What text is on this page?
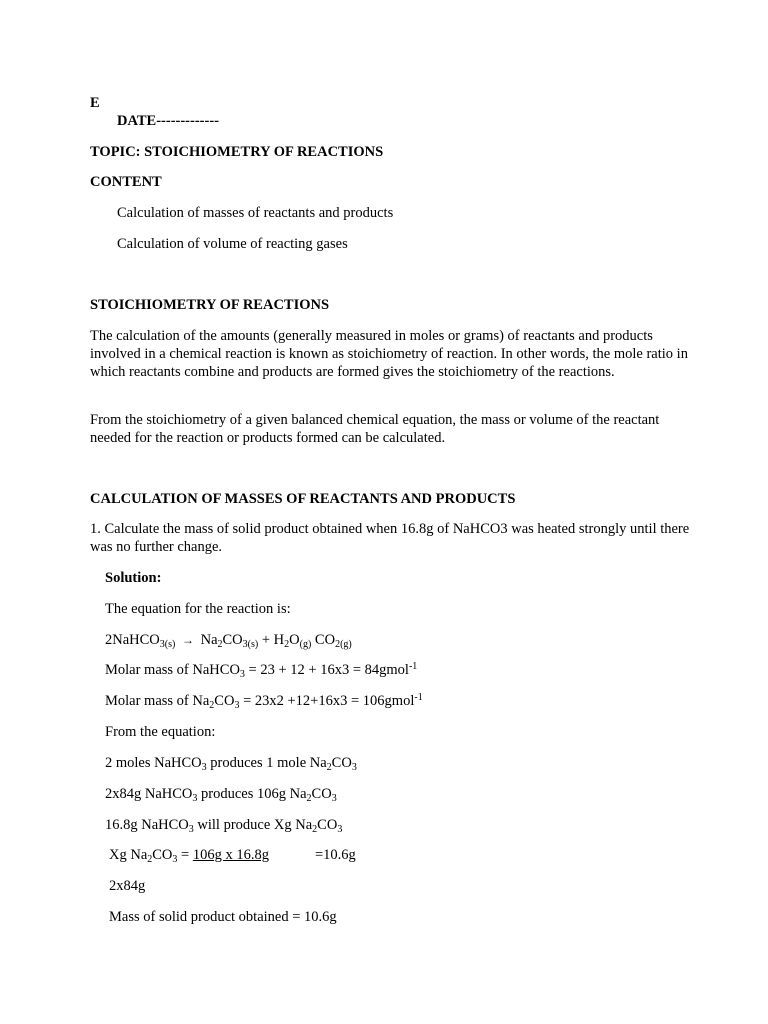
E
DATE-------------
TOPIC: STOICHIOMETRY OF REACTIONS
CONTENT
Calculation of masses of reactants and products
Calculation of volume of reacting gases
STOICHIOMETRY OF REACTIONS
The calculation of the amounts (generally measured in moles or grams) of reactants and products involved in a chemical reaction is known as stoichiometry of reaction. In other words, the mole ratio in which reactants combine and products are formed gives the stoichiometry of the reactions.
From the stoichiometry of a given balanced chemical equation, the mass or volume of the reactant needed for the reaction or products formed can be calculated.
CALCULATION OF MASSES OF REACTANTS AND PRODUCTS
1. Calculate the mass of solid product obtained when 16.8g of NaHCO3 was heated strongly until there was no further change.
Solution:
The equation for the reaction is:
2NaHCO$_{3(s)}$ → $Na_2CO_{3(s)} + H_2O_{(g)}$ $CO_{2(g)}$
Molar mass of NaHCO$_3$ = 23 + 12 + 16x3 = 84gmol$^{-1}$
Molar mass of $Na_2CO_3 = 23x2 +12+16x3$ = 106gmol$^{-1}$
From the equation:
2 moles NaHCO$_3$ produces 1 mole $Na_2CO_3$
2x84g NaHCO$_3$ produces 106g $Na_2CO_3$
16.8g NaHCO$_3$ will produce Xg $Na_2CO_3$
Xg $Na_2CO_3 = 106g$ x 16.8g	=10.6g
2x84g
Mass of solid product obtained = 10.6g
